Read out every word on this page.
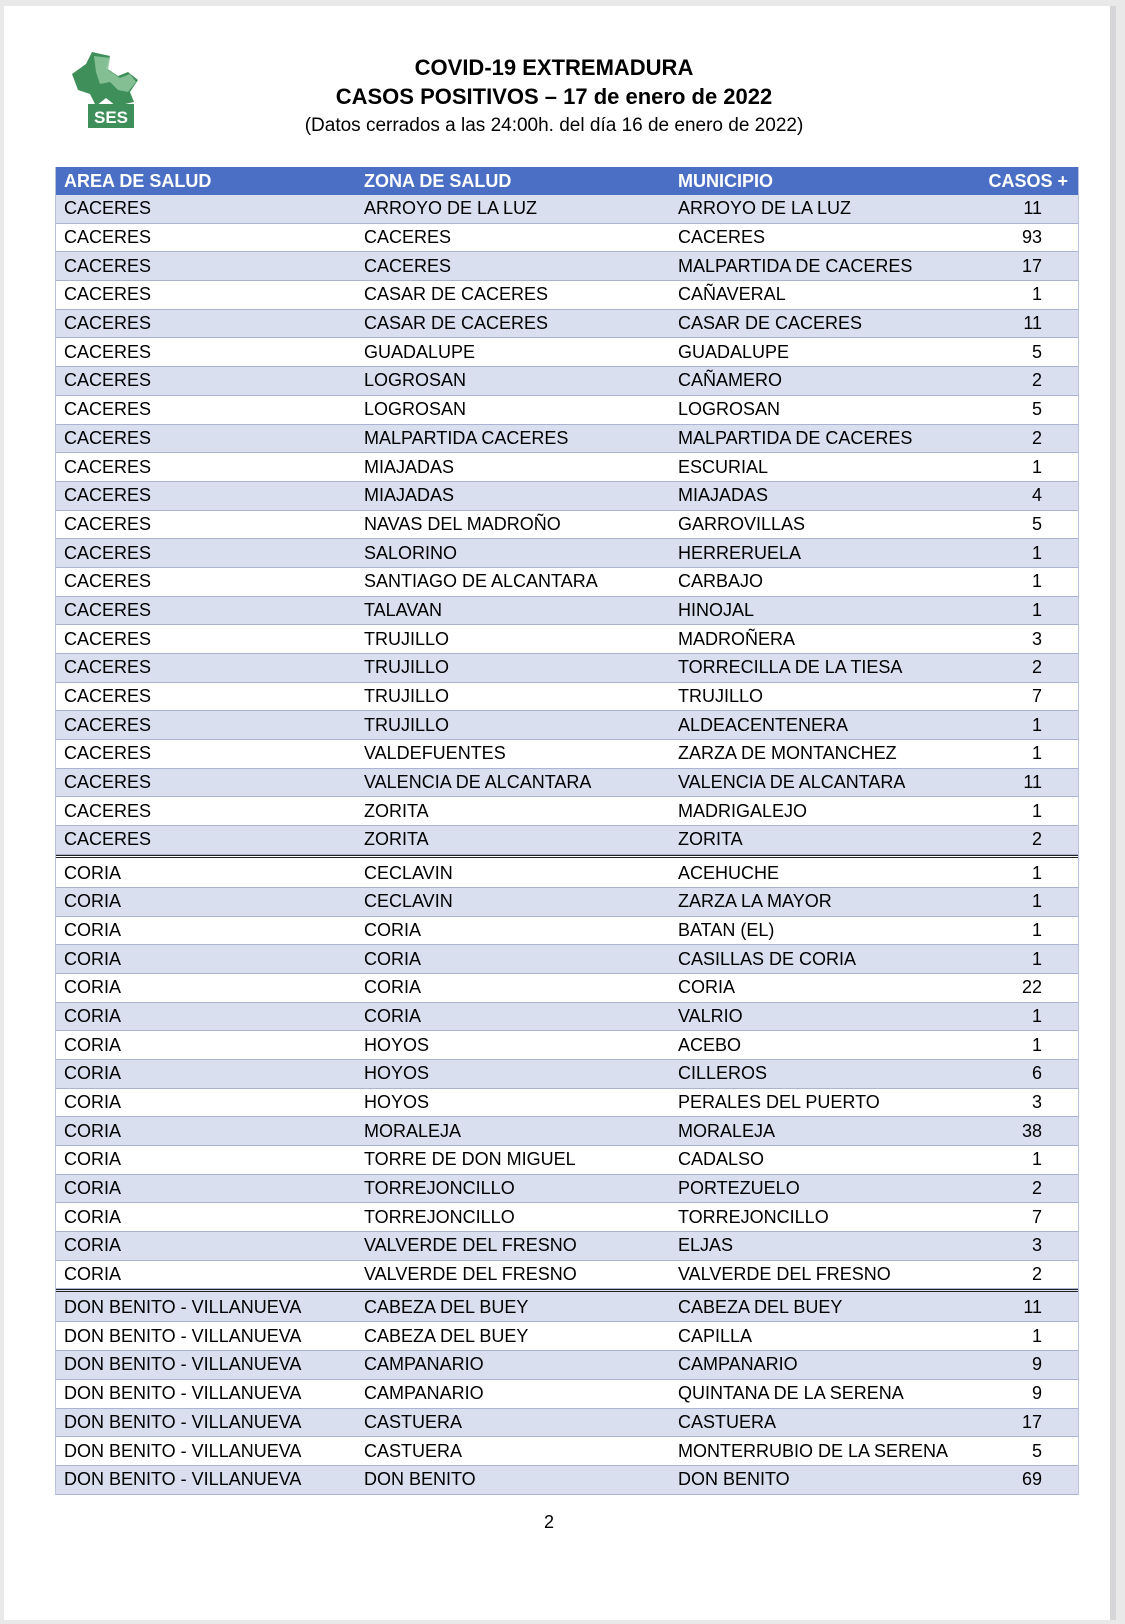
SES
COVID-19 EXTREMADURA
CASOS POSITIVOS – 17 de enero de 2022
(Datos cerrados a las 24:00h. del día 16 de enero de 2022)
AREA DE SALUD	ZONA DE SALUD	MUNICIPIO	CASOS +
CACERES	ARROYO DE LA LUZ	ARROYO DE LA LUZ	11
CACERES	CACERES	CACERES	93
CACERES	CACERES	MALPARTIDA DE CACERES	17
CACERES	CASAR DE CACERES	CAÑAVERAL	1
CACERES	CASAR DE CACERES	CASAR DE CACERES	11
CACERES	GUADALUPE	GUADALUPE	5
CACERES	LOGROSAN	CAÑAMERO	2
CACERES	LOGROSAN	LOGROSAN	5
CACERES	MALPARTIDA CACERES	MALPARTIDA DE CACERES	2
CACERES	MIAJADAS	ESCURIAL	1
CACERES	MIAJADAS	MIAJADAS	4
CACERES	NAVAS DEL MADROÑO	GARROVILLAS	5
CACERES	SALORINO	HERRERUELA	1
CACERES	SANTIAGO DE ALCANTARA	CARBAJO	1
CACERES	TALAVAN	HINOJAL	1
CACERES	TRUJILLO	MADROÑERA	3
CACERES	TRUJILLO	TORRECILLA DE LA TIESA	2
CACERES	TRUJILLO	TRUJILLO	7
CACERES	TRUJILLO	ALDEACENTENERA	1
CACERES	VALDEFUENTES	ZARZA DE MONTANCHEZ	1
CACERES	VALENCIA DE ALCANTARA	VALENCIA DE ALCANTARA	11
CACERES	ZORITA	MADRIGALEJO	1
CACERES	ZORITA	ZORITA	2
CORIA	CECLAVIN	ACEHUCHE	1
CORIA	CECLAVIN	ZARZA LA MAYOR	1
CORIA	CORIA	BATAN (EL)	1
CORIA	CORIA	CASILLAS DE CORIA	1
CORIA	CORIA	CORIA	22
CORIA	CORIA	VALRIO	1
CORIA	HOYOS	ACEBO	1
CORIA	HOYOS	CILLEROS	6
CORIA	HOYOS	PERALES DEL PUERTO	3
CORIA	MORALEJA	MORALEJA	38
CORIA	TORRE DE DON MIGUEL	CADALSO	1
CORIA	TORREJONCILLO	PORTEZUELO	2
CORIA	TORREJONCILLO	TORREJONCILLO	7
CORIA	VALVERDE DEL FRESNO	ELJAS	3
CORIA	VALVERDE DEL FRESNO	VALVERDE DEL FRESNO	2
DON BENITO - VILLANUEVA	CABEZA DEL BUEY	CABEZA DEL BUEY	11
DON BENITO - VILLANUEVA	CABEZA DEL BUEY	CAPILLA	1
DON BENITO - VILLANUEVA	CAMPANARIO	CAMPANARIO	9
DON BENITO - VILLANUEVA	CAMPANARIO	QUINTANA DE LA SERENA	9
DON BENITO - VILLANUEVA	CASTUERA	CASTUERA	17
DON BENITO - VILLANUEVA	CASTUERA	MONTERRUBIO DE LA SERENA	5
DON BENITO - VILLANUEVA	DON BENITO	DON BENITO	69
2
